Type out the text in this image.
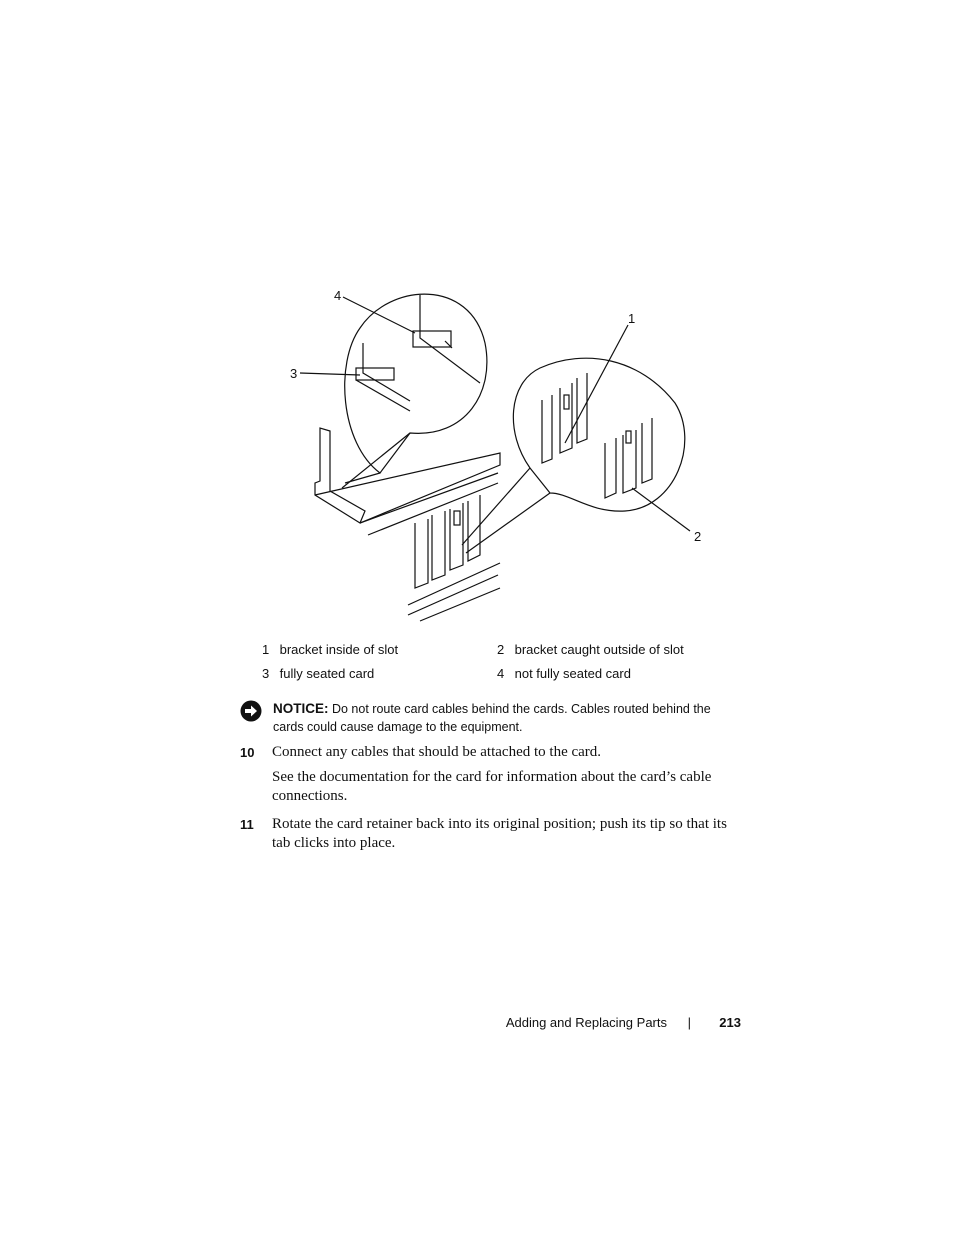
1
2
3
4
1 bracket inside of slot	2 bracket caught outside of slot
3 fully seated card	4 not fully seated card
NOTICE: Do not route card cables behind the cards. Cables routed behind the cards could cause damage to the equipment.
10 Connect any cables that should be attached to the card.
See the documentation for the card for information about the card’s cable connections.
11 Rotate the card retainer back into its original position; push its tip so that its tab clicks into place.
Adding and Replacing Parts | 213
